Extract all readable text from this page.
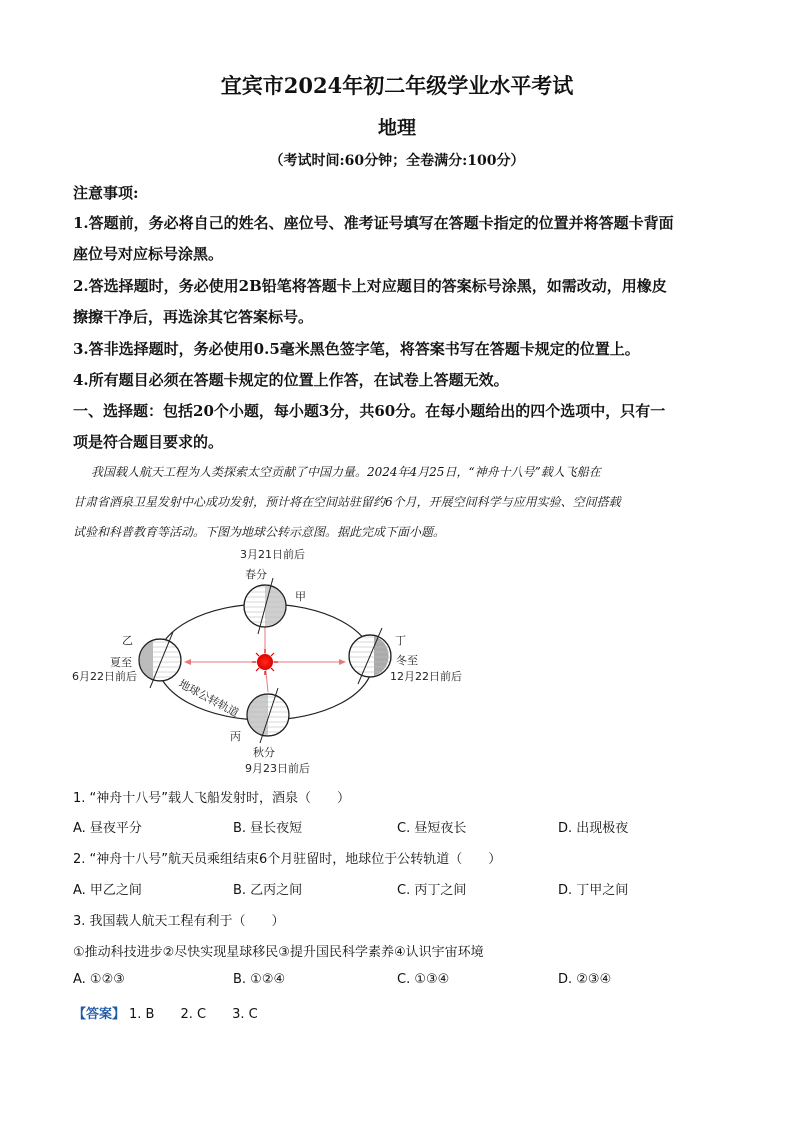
宜宾市2024年初二年级学业水平考试
地理
（考试时间:60分钟；全卷满分:100分）
注意事项:
1.答题前，务必将自己的姓名、座位号、准考证号填写在答题卡指定的位置并将答题卡背面
座位号对应标号涂黑。
2.答选择题时，务必使用2B铅笔将答题卡上对应题目的答案标号涂黑，如需改动，用橡皮
擦擦干净后，再选涂其它答案标号。
3.答非选择题时，务必使用0.5毫米黑色签字笔，将答案书写在答题卡规定的位置上。
4.所有题目必须在答题卡规定的位置上作答，在试卷上答题无效。
一、选择题：包括20个小题，每小题3分，共60分。在每小题给出的四个选项中，只有一
项是符合题目要求的。
我国载人航天工程为人类探索太空贡献了中国力量。2024年4月25日，“神舟十八号”载人飞船在
甘肃省酒泉卫星发射中心成功发射，预计将在空间站驻留约6个月，开展空间科学与应用实验、空间搭载
试验和科普教育等活动。下图为地球公转示意图。据此完成下面小题。
3月21日前后
春分
甲
乙
夏至
6月22日前后
丁
冬至
12月22日前后
丙
秋分
9月23日前后
地球公转轨道
1. “神舟十八号”载人飞船发射时，酒泉（　　）
A. 昼夜平分	B. 昼长夜短	C. 昼短夜长	D. 出现极夜
2. “神舟十八号”航天员乘组结束6个月驻留时，地球位于公转轨道（　　）
A. 甲乙之间	B. 乙丙之间	C. 丙丁之间	D. 丁甲之间
3. 我国载人航天工程有利于（　　）
①推动科技进步②尽快实现星球移民③提升国民科学素养④认识宇宙环境
A. ①②③	B. ①②④	C. ①③④	D. ②③④
【答案】 1. B 2. C 3. C
